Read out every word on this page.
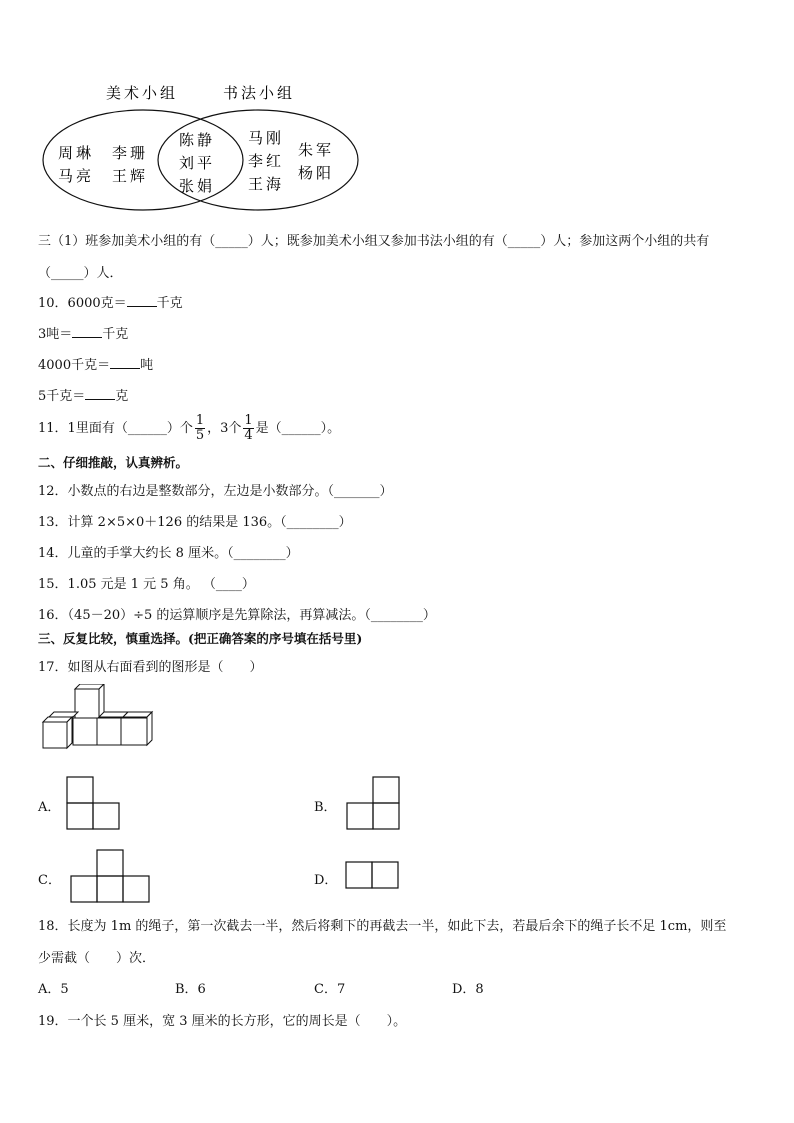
美术小组	书法小组
周琳 李珊
马亮 王辉
陈静
刘平
张娟
马刚
朱军
李红
杨阳
王海
三（1）班参加美术小组的有（_____）人；既参加美术小组又参加书法小组的有（_____）人；参加这两个小组的共有
（_____）人．
10．6000克＝ 千克
3吨＝ 千克
4000千克＝ 吨
5千克＝ 克
11．1里面有（______）个 $\frac{1}{5}$ ，3个 $\frac{1}{4}$ 是（______）。
二、仔细推敲，认真辨析。
12．小数点的右边是整数部分，左边是小数部分。（_______）
13．计算 2×5×0＋126 的结果是 136。（________）
14．儿童的手掌大约长 8 厘米。（________）
15．1.05 元是 1 元 5 角。 （____）
16．（45－20）÷5 的运算顺序是先算除法，再算减法。（________）
三、反复比较，慎重选择。(把正确答案的序号填在括号里)
17．如图从右面看到的图形是（　　）
A．	B．
C．	D．
18．长度为 1m 的绳子，第一次截去一半，然后将剩下的再截去一半，如此下去，若最后余下的绳子长不足 1cm，则至
少需截（　　）次．
A．5	B．6	C．7	D．8
19．一个长 5 厘米，宽 3 厘米的长方形，它的周长是（　　）。
